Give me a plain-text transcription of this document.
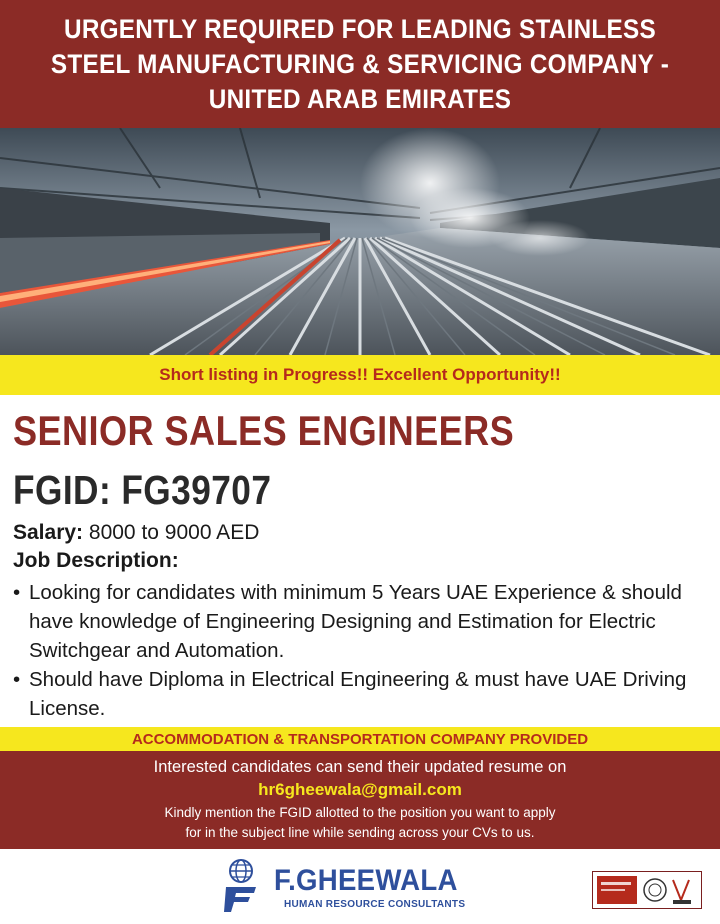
URGENTLY REQUIRED FOR LEADING STAINLESS STEEL MANUFACTURING & SERVICING COMPANY - UNITED ARAB EMIRATES
Short listing in Progress!! Excellent Opportunity!!
SENIOR SALES ENGINEERS
FGID: FG39707
Salary: 8000 to 9000 AED
Job Description:
• Looking for candidates with minimum 5 Years UAE Experience & should have knowledge of Engineering Designing and Estimation for Electric Switchgear and Automation.
• Should have Diploma in Electrical Engineering & must have UAE Driving License.
ACCOMMODATION & TRANSPORTATION COMPANY PROVIDED
Interested candidates can send their updated resume on
hr6gheewala@gmail.com
Kindly mention the FGID allotted to the position you want to apply
for in the subject line while sending across your CVs to us.
F.GHEEWALA
HUMAN RESOURCE CONSULTANTS
